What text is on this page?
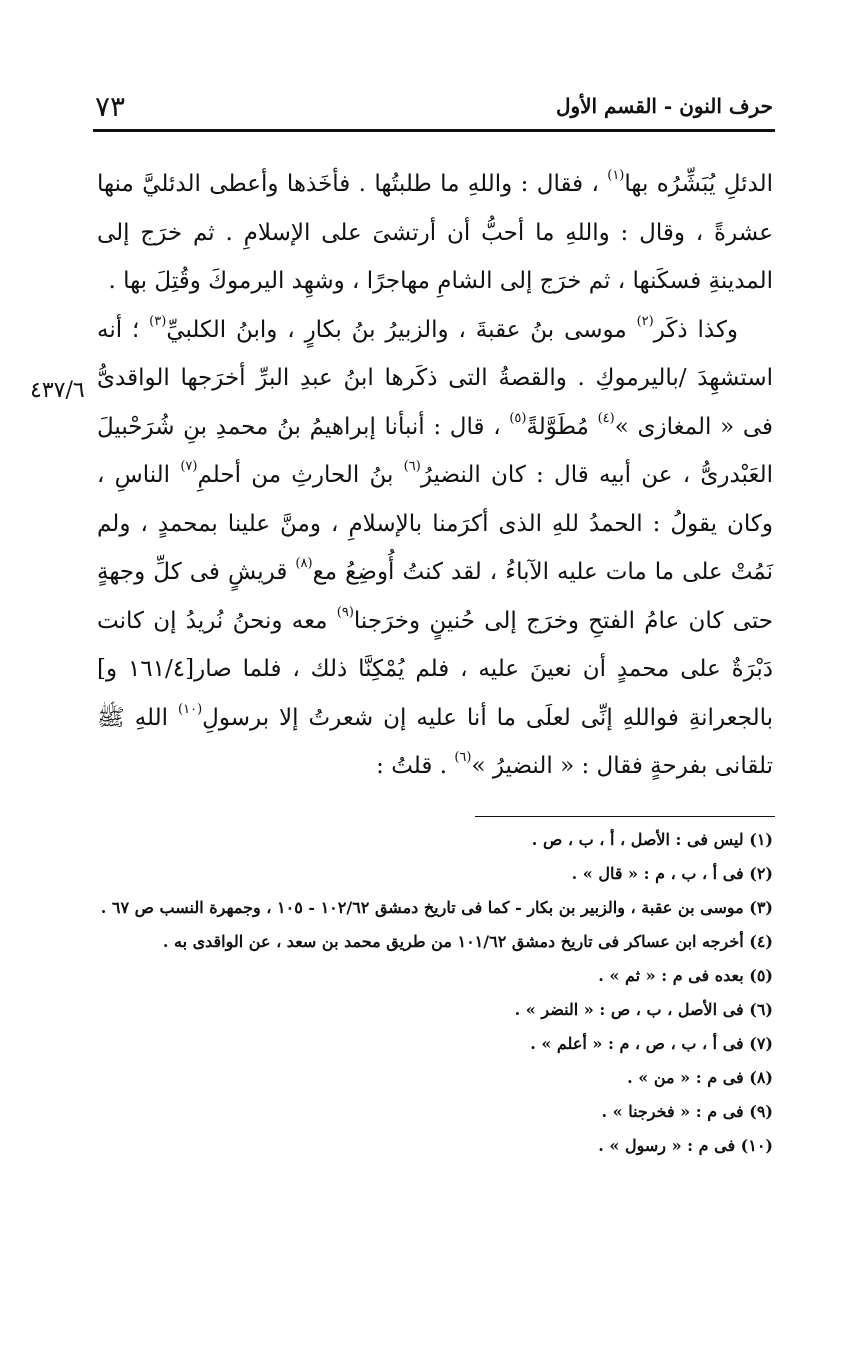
حرف النون - القسم الأول
٧٣
٤٣٧/٦

الدئلِ يُبَشِّرُه بها$^{(١)}$ ، فقال : واللهِ ما طلبتُها . فأخَذها وأعطى الدئليَّ منها عشرةً ، وقال : واللهِ ما أحبُّ أن أرتشىَ على الإسلامِ . ثم خرَج إلى المدينةِ فسكَنها ، ثم خرَج إلى الشامِ مهاجرًا ، وشهِد اليرموكَ وقُتِلَ بها .

وكذا ذكَر$^{(٢)}$ موسى بنُ عقبةَ ، والزبيرُ بنُ بكارٍ ، وابنُ الكلبيِّ$^{(٣)}$ ؛ أنه استشهِدَ /باليرموكِ . والقصةُ التى ذكَرها ابنُ عبدِ البرِّ أخرَجها الواقدىُّ فى « المغازى »$^{(٤)}$ مُطَوَّلةً$^{(٥)}$ ، قال : أنبأنا إبراهيمُ بنُ محمدِ بنِ شُرَحْبيلَ العَبْدرىُّ ، عن أبيه قال : كان النضيرُ$^{(٦)}$ بنُ الحارثِ من أحلمِ$^{(٧)}$ الناسِ ، وكان يقولُ : الحمدُ للهِ الذى أكرَمنا بالإسلامِ ، ومنَّ علينا بمحمدٍ ، ولم نَمُتْ على ما مات عليه الآباءُ ، لقد كنتُ أُوضِعُ مع$^{(٨)}$ قريشٍ فى كلِّ وجهةٍ حتى كان عامُ الفتحِ وخرَج إلى حُنينٍ وخرَجنا$^{(٩)}$ معه ونحنُ نُريدُ إن كانت دَبْرَةٌ على محمدٍ أن نعينَ عليه ، فلم يُمْكِنَّا ذلك ، فلما صار[١٦١/٤ و] بالجعرانةِ فواللهِ إنِّى لعلَى ما أنا عليه إن شعرتُ إلا برسولِ$^{(١٠)}$ اللهِ ﷺ تلقانى بفرحةٍ فقال : « النضيرُ »$^{(٦)}$ . قلتُ :

(١) ليس فى : الأصل ، أ ، ب ، ص .
(٢) فى أ ، ب ، م : « قال » .
(٣) موسى بن عقبة ، والزبير بن بكار - كما فى تاريخ دمشق ١٠٢/٦٢ - ١٠٥ ، وجمهرة النسب ص ٦٧ .
(٤) أخرجه ابن عساكر فى تاريخ دمشق ١٠١/٦٢ من طريق محمد بن سعد ، عن الواقدى به .
(٥) بعده فى م : « ثم » .
(٦) فى الأصل ، ب ، ص : « النضر » .
(٧) فى أ ، ب ، ص ، م : « أعلم » .
(٨) فى م : « من » .
(٩) فى م : « فخرجنا » .
(١٠) فى م : « رسول » .
